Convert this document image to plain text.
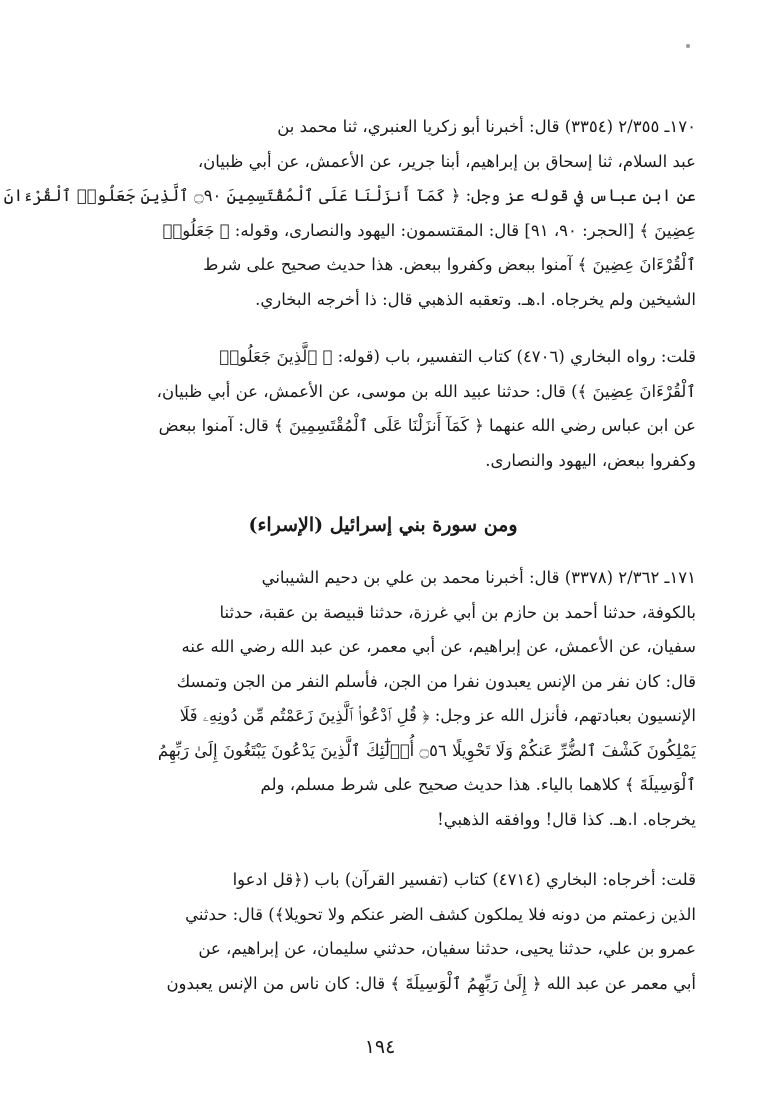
١٧٠ـ ٢/٣٥٥ (٣٣٥٤) قال: أخبرنا أبو زكريا العنبري، ثنا محمد بن
عبد السلام، ثنا إسحاق بن إبراهيم، أبنا جرير، عن الأعمش، عن أبي ظبيان،
عن ابن عباس في قوله عز وجل: ﴿ كَمَآ أَنزَلْنَا عَلَى ٱلْمُقْتَسِمِينَ ۝٩٠ ٱلَّذِينَ جَعَلُوا۟ ٱلْقُرْءَانَ
عِضِينَ ﴾ [الحجر: ٩٠، ٩١] قال: المقتسمون: اليهود والنصارى، وقوله: ﴿ جَعَلُوا۟
ٱلْقُرْءَانَ عِضِينَ ﴾ آمنوا ببعض وكفروا ببعض. هذا حديث صحيح على شرط
الشيخين ولم يخرجاه. ا.هـ. وتعقبه الذهبي قال: ذا أخرجه البخاري.
قلت: رواه البخاري (٤٧٠٦) كتاب التفسير، باب (قوله: ﴿ ٱلَّذِينَ جَعَلُوا۟
ٱلْقُرْءَانَ عِضِينَ ﴾) قال: حدثنا عبيد الله بن موسى، عن الأعمش، عن أبي ظبيان،
عن ابن عباس رضي الله عنهما ﴿ كَمَآ أَنزَلْنَا عَلَى ٱلْمُقْتَسِمِينَ ﴾ قال: آمنوا ببعض
وكفروا ببعض، اليهود والنصارى.
ومن سورة بني إسرائيل (الإسراء)
١٧١ـ ٢/٣٦٢ (٣٣٧٨) قال: أخبرنا محمد بن علي بن دحيم الشيباني
بالكوفة، حدثنا أحمد بن حازم بن أبي غرزة، حدثنا قبيصة بن عقبة، حدثنا
سفيان، عن الأعمش، عن إبراهيم، عن أبي معمر، عن عبد الله رضي الله عنه
قال: كان نفر من الإنس يعبدون نفرا من الجن، فأسلم النفر من الجن وتمسك
الإنسيون بعبادتهم، فأنزل الله عز وجل: ﴿ قُلِ ٱدْعُوا۟ ٱلَّذِينَ زَعَمْتُم مِّن دُونِهِۦ فَلَا
يَمْلِكُونَ كَشْفَ ٱلضُّرِّ عَنكُمْ وَلَا تَحْوِيلًا ۝٥٦ أُو۟لَٰٓئِكَ ٱلَّذِينَ يَدْعُونَ يَبْتَغُونَ إِلَىٰ رَبِّهِمُ
ٱلْوَسِيلَةَ ﴾ كلاهما بالياء. هذا حديث صحيح على شرط مسلم، ولم
يخرجاه. ا.هـ. كذا قال! ووافقه الذهبي!
قلت: أخرجاه: البخاري (٤٧١٤) كتاب (تفسير القرآن) باب (﴿قل ادعوا
الذين زعمتم من دونه فلا يملكون كشف الضر عنكم ولا تحويلا﴾) قال: حدثني
عمرو بن علي، حدثنا يحيى، حدثنا سفيان، حدثني سليمان، عن إبراهيم، عن
أبي معمر عن عبد الله ﴿ إِلَىٰ رَبِّهِمُ ٱلْوَسِيلَةَ ﴾ قال: كان ناس من الإنس يعبدون
١٩٤
